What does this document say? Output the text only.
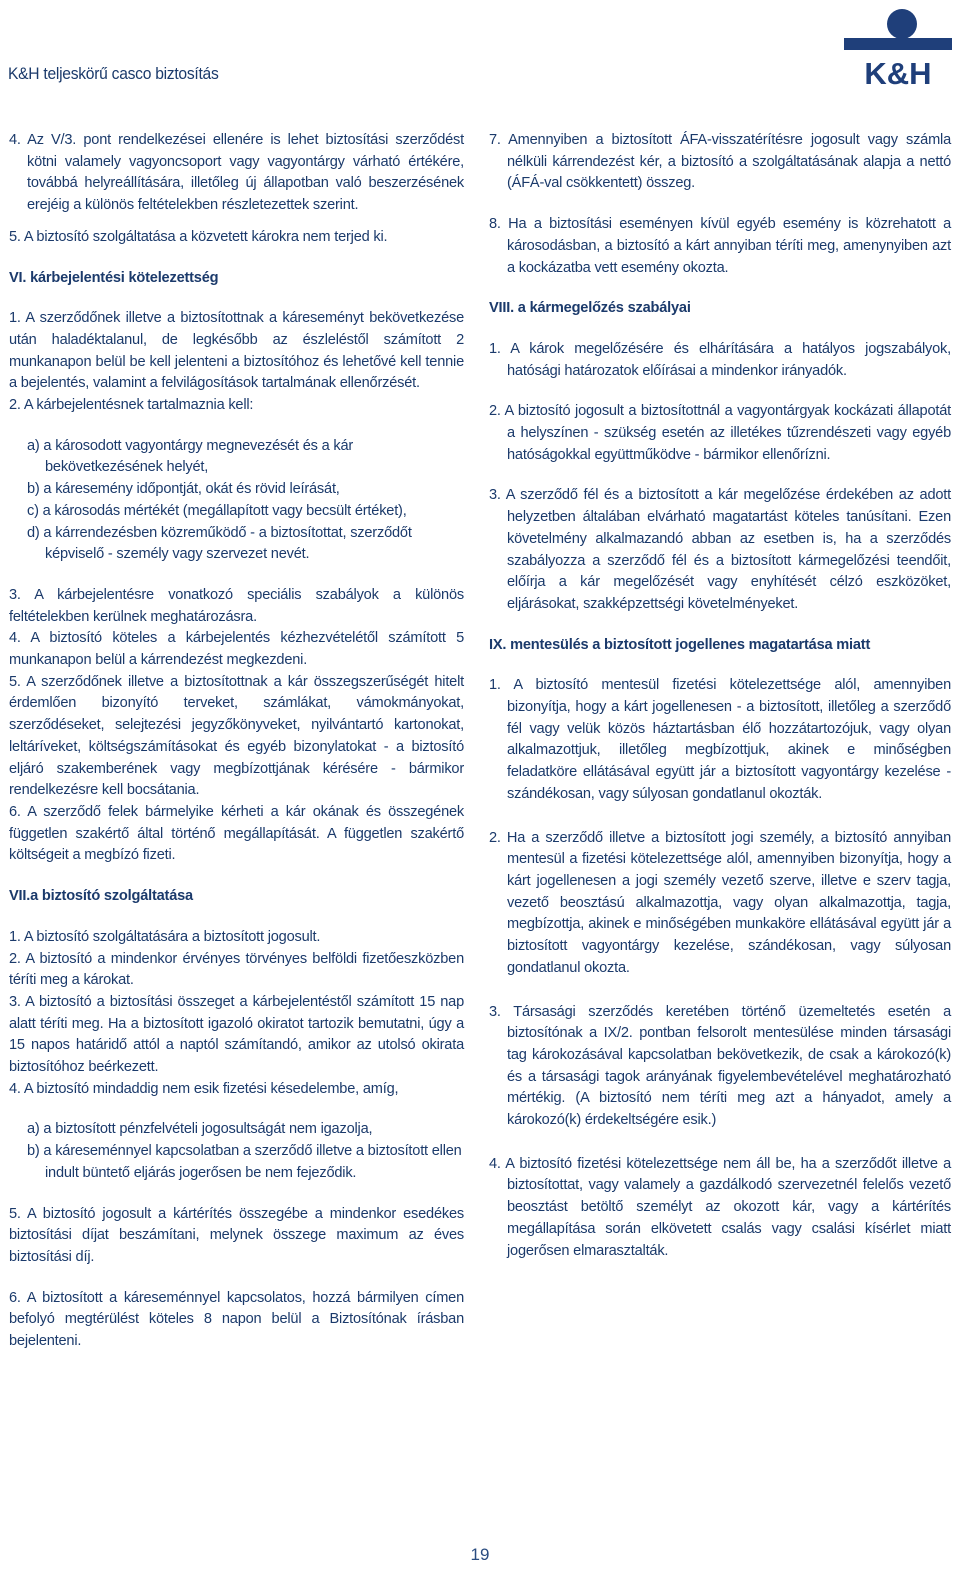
K&H teljeskörű casco biztosítás	K&H

4. Az V/3. pont rendelkezései ellenére is lehet biztosítási szerződést kötni valamely vagyoncsoport vagy vagyontárgy várható értékére, továbbá helyreállítására, illetőleg új állapotban való beszerzésének erejéig a különös feltételekben részletezettek szerint.

5. A biztosító szolgáltatása a közvetett károkra nem terjed ki.

VI. kárbejelentési kötelezettség

1. A szerződőnek illetve a biztosítottnak a káreseményt bekövetkezése után haladéktalanul, de legkésőbb az észleléstől számított 2 munkanapon belül be kell jelenteni a biztosítóhoz és lehetővé kell tennie a bejelentés, valamint a felvilágosítások tartalmának ellenőrzését.

2. A kárbejelentésnek tartalmaznia kell:

a) a károsodott vagyontárgy megnevezését és a kár bekövetkezésének helyét,

b) a káresemény időpontját, okát és rövid leírását,

c) a károsodás mértékét (megállapított vagy becsült értéket),

d) a kárrendezésben közreműködő - a biztosítottat, szerződőt képviselő - személy vagy szervezet nevét.

3. A kárbejelentésre vonatkozó speciális szabályok a különös feltételekben kerülnek meghatározásra.

4. A biztosító köteles a kárbejelentés kézhezvételétől számított 5 munkanapon belül a kárrendezést megkezdeni.

5. A szerződőnek illetve a biztosítottnak a kár összegszerűségét hitelt érdemlően bizonyító terveket, számlákat, vámokmányokat, szerződéseket, selejtezési jegyzőkönyveket, nyilvántartó kartonokat, leltáríveket, költségszámításokat és egyéb bizonylatokat - a biztosító eljáró szakemberének vagy megbízottjának kérésére - bármikor rendelkezésre kell bocsátania.

6. A szerződő felek bármelyike kérheti a kár okának és összegének független szakértő által történő megállapítását. A független szakértő költségeit a megbízó fizeti.

VII.a biztosító szolgáltatása

1. A biztosító szolgáltatására a biztosított jogosult.

2. A biztosító a mindenkor érvényes törvényes belföldi fizetőeszközben téríti meg a károkat.

3. A biztosító a biztosítási összeget a kárbejelentéstől számított 15 nap alatt téríti meg. Ha a biztosított igazoló okiratot tartozik bemutatni, úgy a 15 napos határidő attól a naptól számítandó, amikor az utolsó okirata biztosítóhoz beérkezett.

4. A biztosító mindaddig nem esik fizetési késedelembe, amíg,

a) a biztosított pénzfelvételi jogosultságát nem igazolja,

b) a káreseménnyel kapcsolatban a szerződő illetve a biztosított ellen indult büntető eljárás jogerősen be nem fejeződik.

5. A biztosító jogosult a kártérítés összegébe a mindenkor esedékes biztosítási díjat beszámítani, melynek összege maximum az éves biztosítási díj.

6. A biztosított a káreseménnyel kapcsolatos, hozzá bármilyen címen befolyó megtérülést köteles 8 napon belül a Biztosítónak írásban bejelenteni.

7. Amennyiben a biztosított ÁFA-visszatérítésre jogosult vagy számla nélküli kárrendezést kér, a biztosító a szolgáltatásának alapja a nettó (ÁFÁ-val csökkentett) összeg.

8. Ha a biztosítási eseményen kívül egyéb esemény is közrehatott a károsodásban, a biztosító a kárt annyiban téríti meg, amenynyiben azt a kockázatba vett esemény okozta.

VIII. a kármegelőzés szabályai

1. A károk megelőzésére és elhárítására a hatályos jogszabályok, hatósági határozatok előírásai a mindenkor irányadók.

2. A biztosító jogosult a biztosítottnál a vagyontárgyak kockázati állapotát a helyszínen - szükség esetén az illetékes tűzrendészeti vagy egyéb hatóságokkal együttműködve - bármikor ellenőrízni.

3. A szerződő fél és a biztosított a kár megelőzése érdekében az adott helyzetben általában elvárható magatartást köteles tanúsítani. Ezen követelmény alkalmazandó abban az esetben is, ha a szerződés szabályozza a szerződő fél és a biztosított kármegelőzési teendőit, előírja a kár megelőzését vagy enyhítését célzó eszközöket, eljárásokat, szakképzettségi követelményeket.

IX. mentesülés a biztosított jogellenes magatartása miatt

1. A biztosító mentesül fizetési kötelezettsége alól, amennyiben bizonyítja, hogy a kárt jogellenesen - a biztosított, illetőleg a szerződő fél vagy velük közös háztartásban élő hozzátartozójuk, vagy olyan alkalmazottjuk, illetőleg megbízottjuk, akinek e minőségben feladatköre ellátásával együtt jár a biztosított vagyontárgy kezelése - szándékosan, vagy súlyosan gondatlanul okozták.

2. Ha a szerződő illetve a biztosított jogi személy, a biztosító annyiban mentesül a fizetési kötelezettsége alól, amennyiben bizonyítja, hogy a kárt jogellenesen a jogi személy vezető szerve, illetve e szerv tagja, vezető beosztású alkalmazottja, vagy olyan alkalmazottja, tagja, megbízottja, akinek e minőségében munkaköre ellátásával együtt jár a biztosított vagyontárgy kezelése, szándékosan, vagy súlyosan gondatlanul okozta.

3. Társasági szerződés keretében történő üzemeltetés esetén a biztosítónak a IX/2. pontban felsorolt mentesülése minden társasági tag károkozásával kapcsolatban bekövetkezik, de csak a károkozó(k) és a társasági tagok arányának figyelembevételével meghatározható mértékig. (A biztosító nem téríti meg azt a hányadot, amely a károkozó(k) érdekeltségére esik.)

4. A biztosító fizetési kötelezettsége nem áll be, ha a szerződőt illetve a biztosítottat, vagy valamely a gazdálkodó szervezetnél felelős vezető beosztást betöltő személyt az okozott kár, vagy a kártérítés megállapítása során elkövetett csalás vagy csalási kísérlet miatt jogerősen elmarasztalták.

19
